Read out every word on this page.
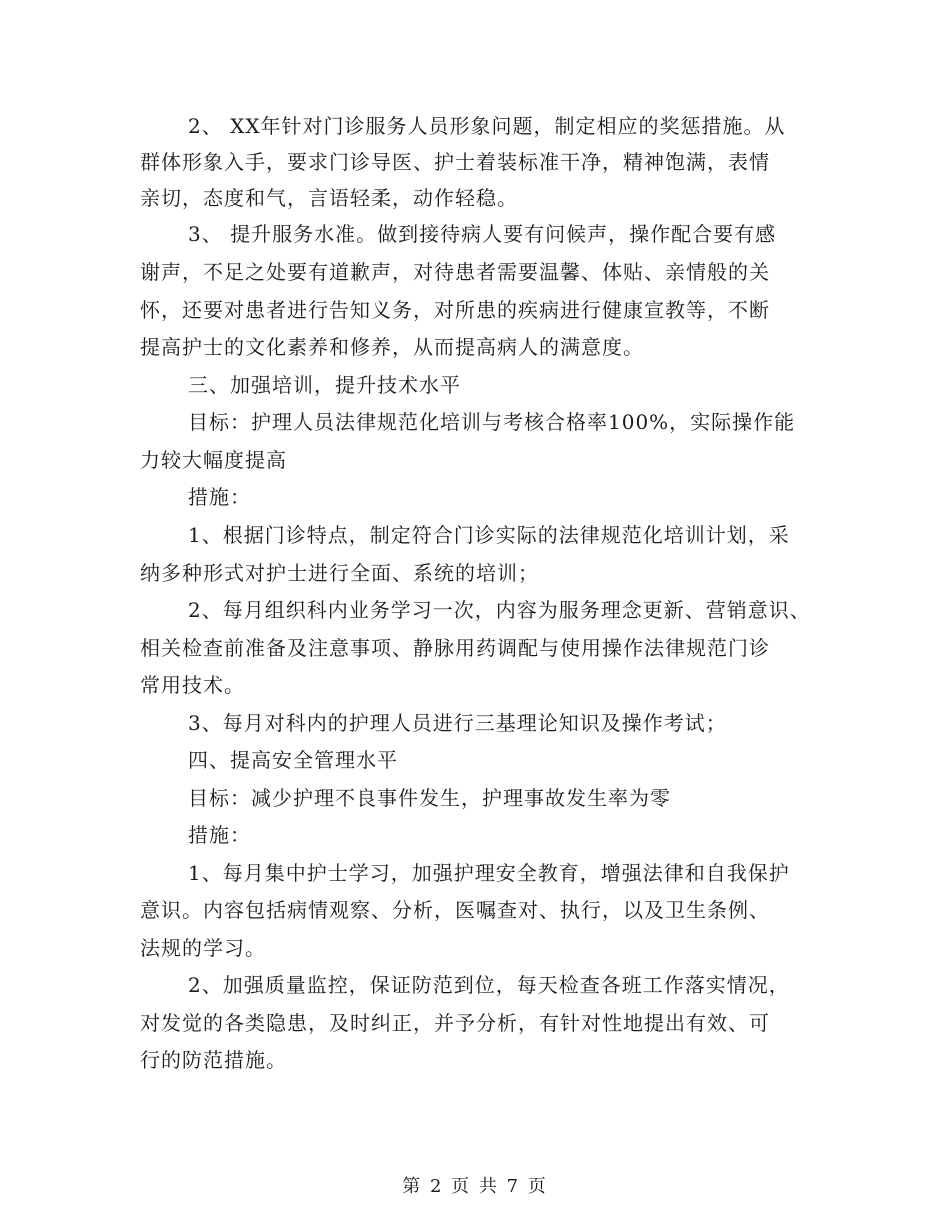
2、 XX年针对门诊服务人员形象问题，制定相应的奖惩措施。从
群体形象入手，要求门诊导医、护士着装标准干净，精神饱满，表情
亲切，态度和气，言语轻柔，动作轻稳。
3、 提升服务水准。做到接待病人要有问候声，操作配合要有感
谢声，不足之处要有道歉声，对待患者需要温馨、体贴、亲情般的关
怀，还要对患者进行告知义务，对所患的疾病进行健康宣教等，不断
提高护士的文化素养和修养，从而提高病人的满意度。
三、加强培训，提升技术水平
目标：护理人员法律规范化培训与考核合格率100%，实际操作能
力较大幅度提高
措施：
1、根据门诊特点，制定符合门诊实际的法律规范化培训计划，采
纳多种形式对护士进行全面、系统的培训；
2、每月组织科内业务学习一次，内容为服务理念更新、营销意识、
相关检查前准备及注意事项、静脉用药调配与使用操作法律规范门诊
常用技术。
3、每月对科内的护理人员进行三基理论知识及操作考试；
四、提高安全管理水平
目标：减少护理不良事件发生，护理事故发生率为零
措施：
1、每月集中护士学习，加强护理安全教育，增强法律和自我保护
意识。内容包括病情观察、分析，医嘱查对、执行，以及卫生条例、
法规的学习。
2、加强质量监控，保证防范到位，每天检查各班工作落实情况，
对发觉的各类隐患，及时纠正，并予分析，有针对性地提出有效、可
行的防范措施。
第 2 页 共 7 页
